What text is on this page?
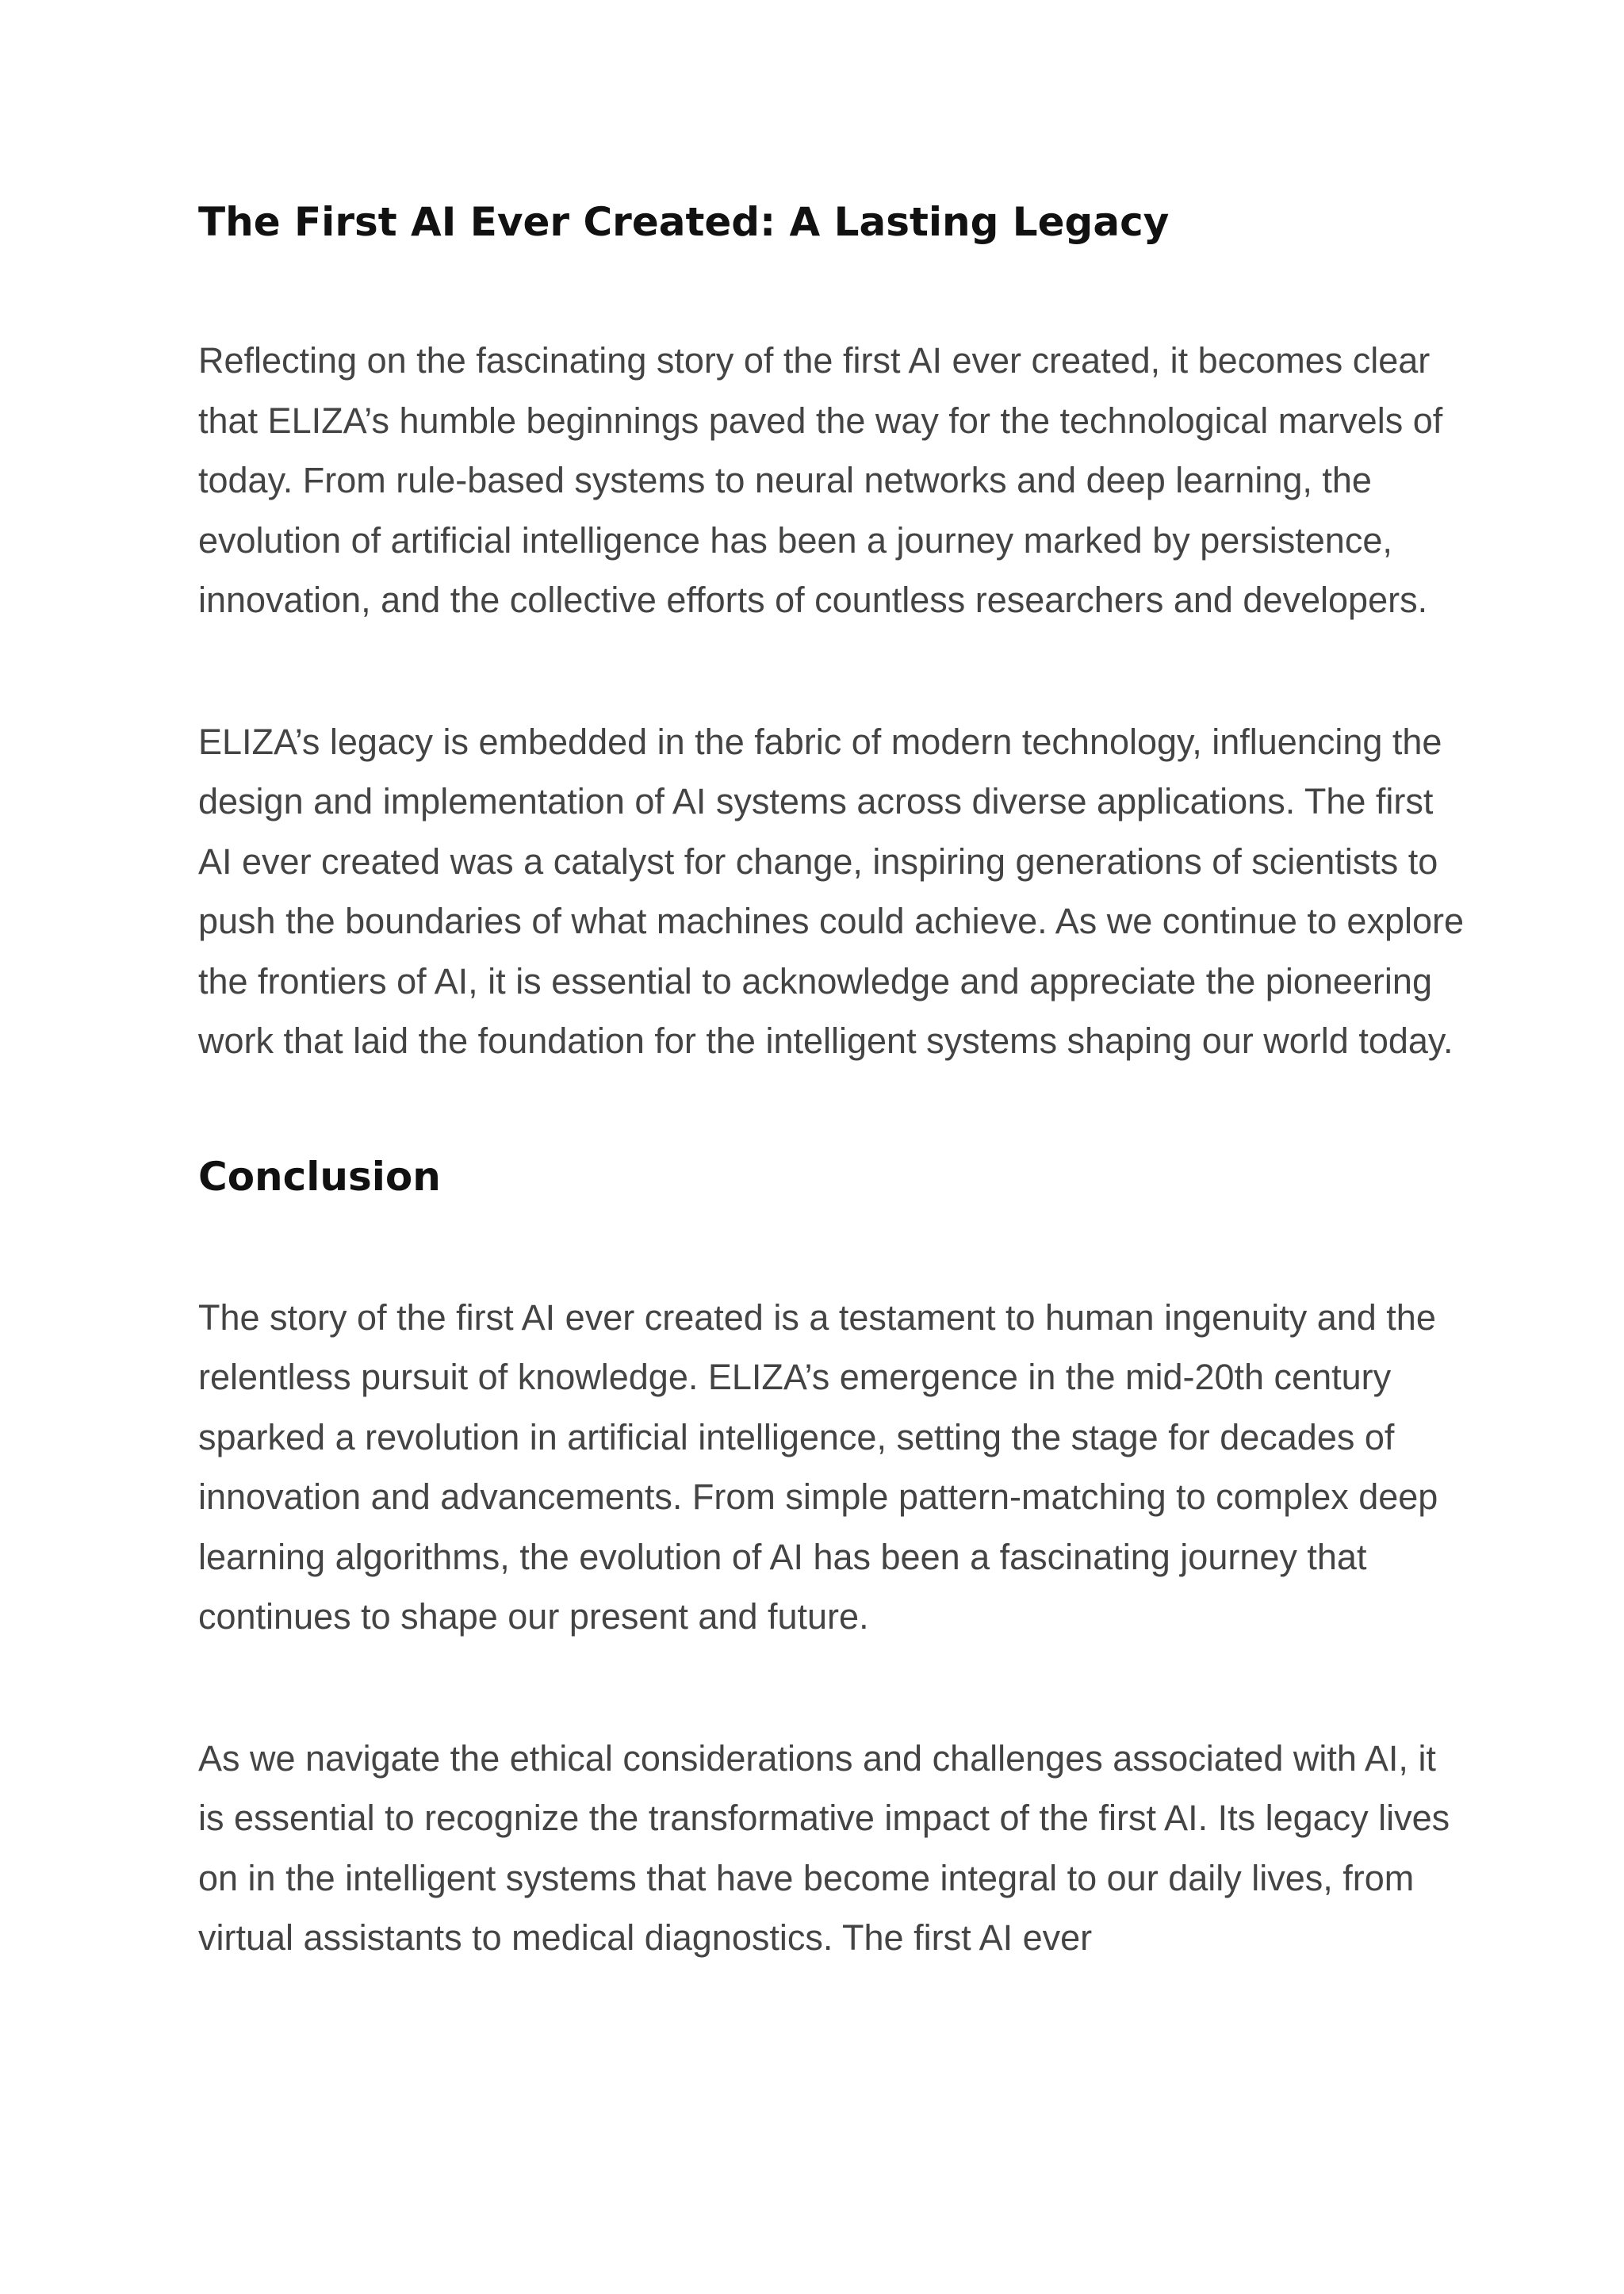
The First AI Ever Created: A Lasting Legacy

Reflecting on the fascinating story of the first AI ever created, it becomes clear that ELIZA’s humble beginnings paved the way for the technological marvels of today. From rule-based systems to neural networks and deep learning, the evolution of artificial intelligence has been a journey marked by persistence, innovation, and the collective efforts of countless researchers and developers.

ELIZA’s legacy is embedded in the fabric of modern technology, influencing the design and implementation of AI systems across diverse applications. The first AI ever created was a catalyst for change, inspiring generations of scientists to push the boundaries of what machines could achieve. As we continue to explore the frontiers of AI, it is essential to acknowledge and appreciate the pioneering work that laid the foundation for the intelligent systems shaping our world today.

Conclusion

The story of the first AI ever created is a testament to human ingenuity and the relentless pursuit of knowledge. ELIZA’s emergence in the mid-20th century sparked a revolution in artificial intelligence, setting the stage for decades of innovation and advancements. From simple pattern-matching to complex deep learning algorithms, the evolution of AI has been a fascinating journey that continues to shape our present and future.

As we navigate the ethical considerations and challenges associated with AI, it is essential to recognize the transformative impact of the first AI. Its legacy lives on in the intelligent systems that have become integral to our daily lives, from virtual assistants to medical diagnostics. The first AI ever
